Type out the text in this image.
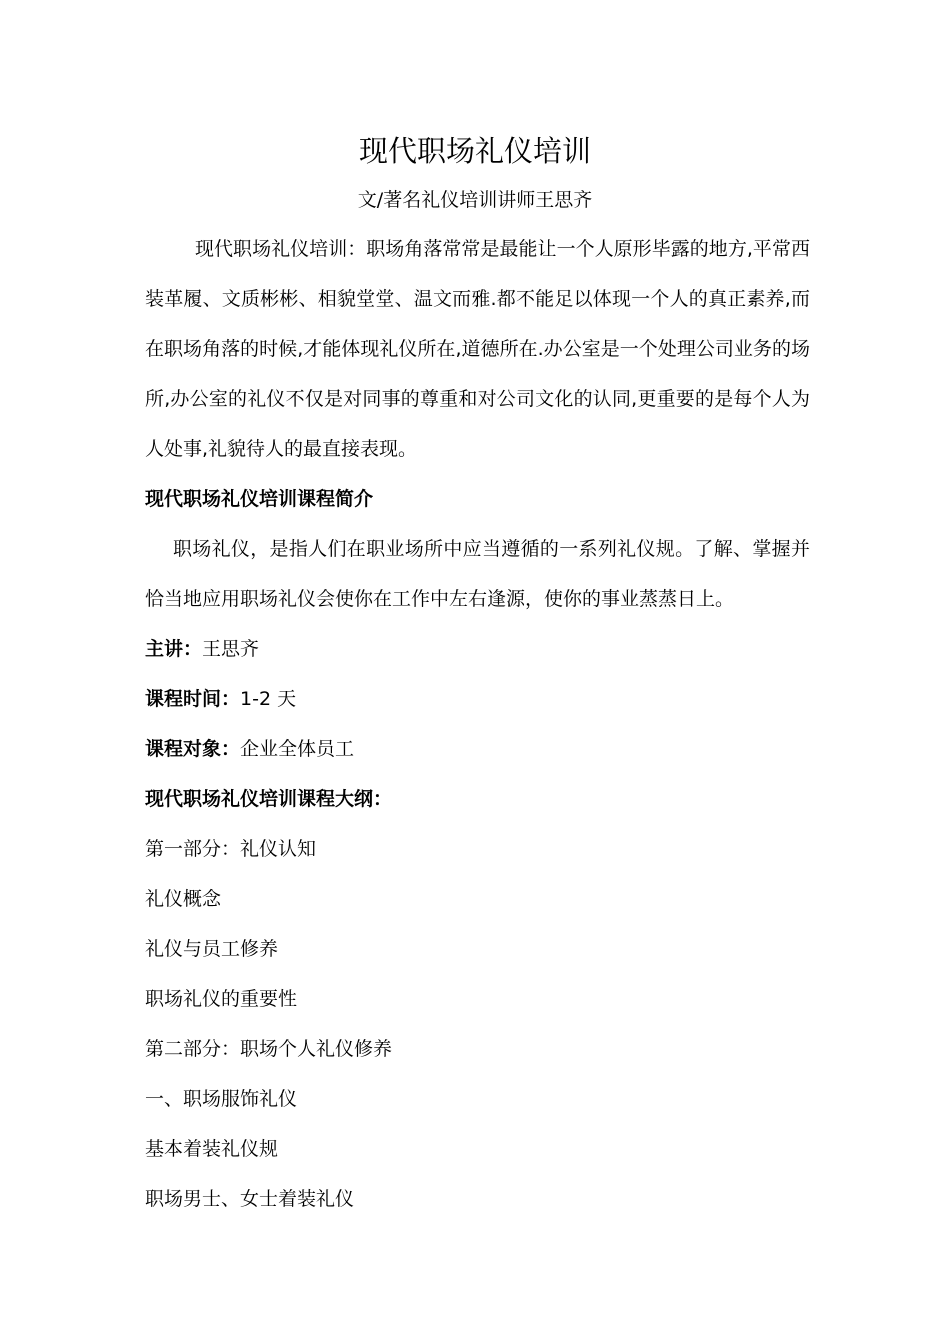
现代职场礼仪培训
文/著名礼仪培训讲师王思齐
现代职场礼仪培训：职场角落常常是最能让一个人原形毕露的地方,平常西装革履、文质彬彬、相貌堂堂、温文而雅.都不能足以体现一个人的真正素养,而在职场角落的时候,才能体现礼仪所在,道德所在.办公室是一个处理公司业务的场所,办公室的礼仪不仅是对同事的尊重和对公司文化的认同,更重要的是每个人为人处事,礼貌待人的最直接表现。
现代职场礼仪培训课程简介
职场礼仪，是指人们在职业场所中应当遵循的一系列礼仪规。了解、掌握并恰当地应用职场礼仪会使你在工作中左右逢源，使你的事业蒸蒸日上。
主讲：王思齐
课程时间：1-2 天
课程对象：企业全体员工
现代职场礼仪培训课程大纲：
第一部分：礼仪认知
礼仪概念
礼仪与员工修养
职场礼仪的重要性
第二部分：职场个人礼仪修养
一、职场服饰礼仪
基本着装礼仪规
职场男士、女士着装礼仪
